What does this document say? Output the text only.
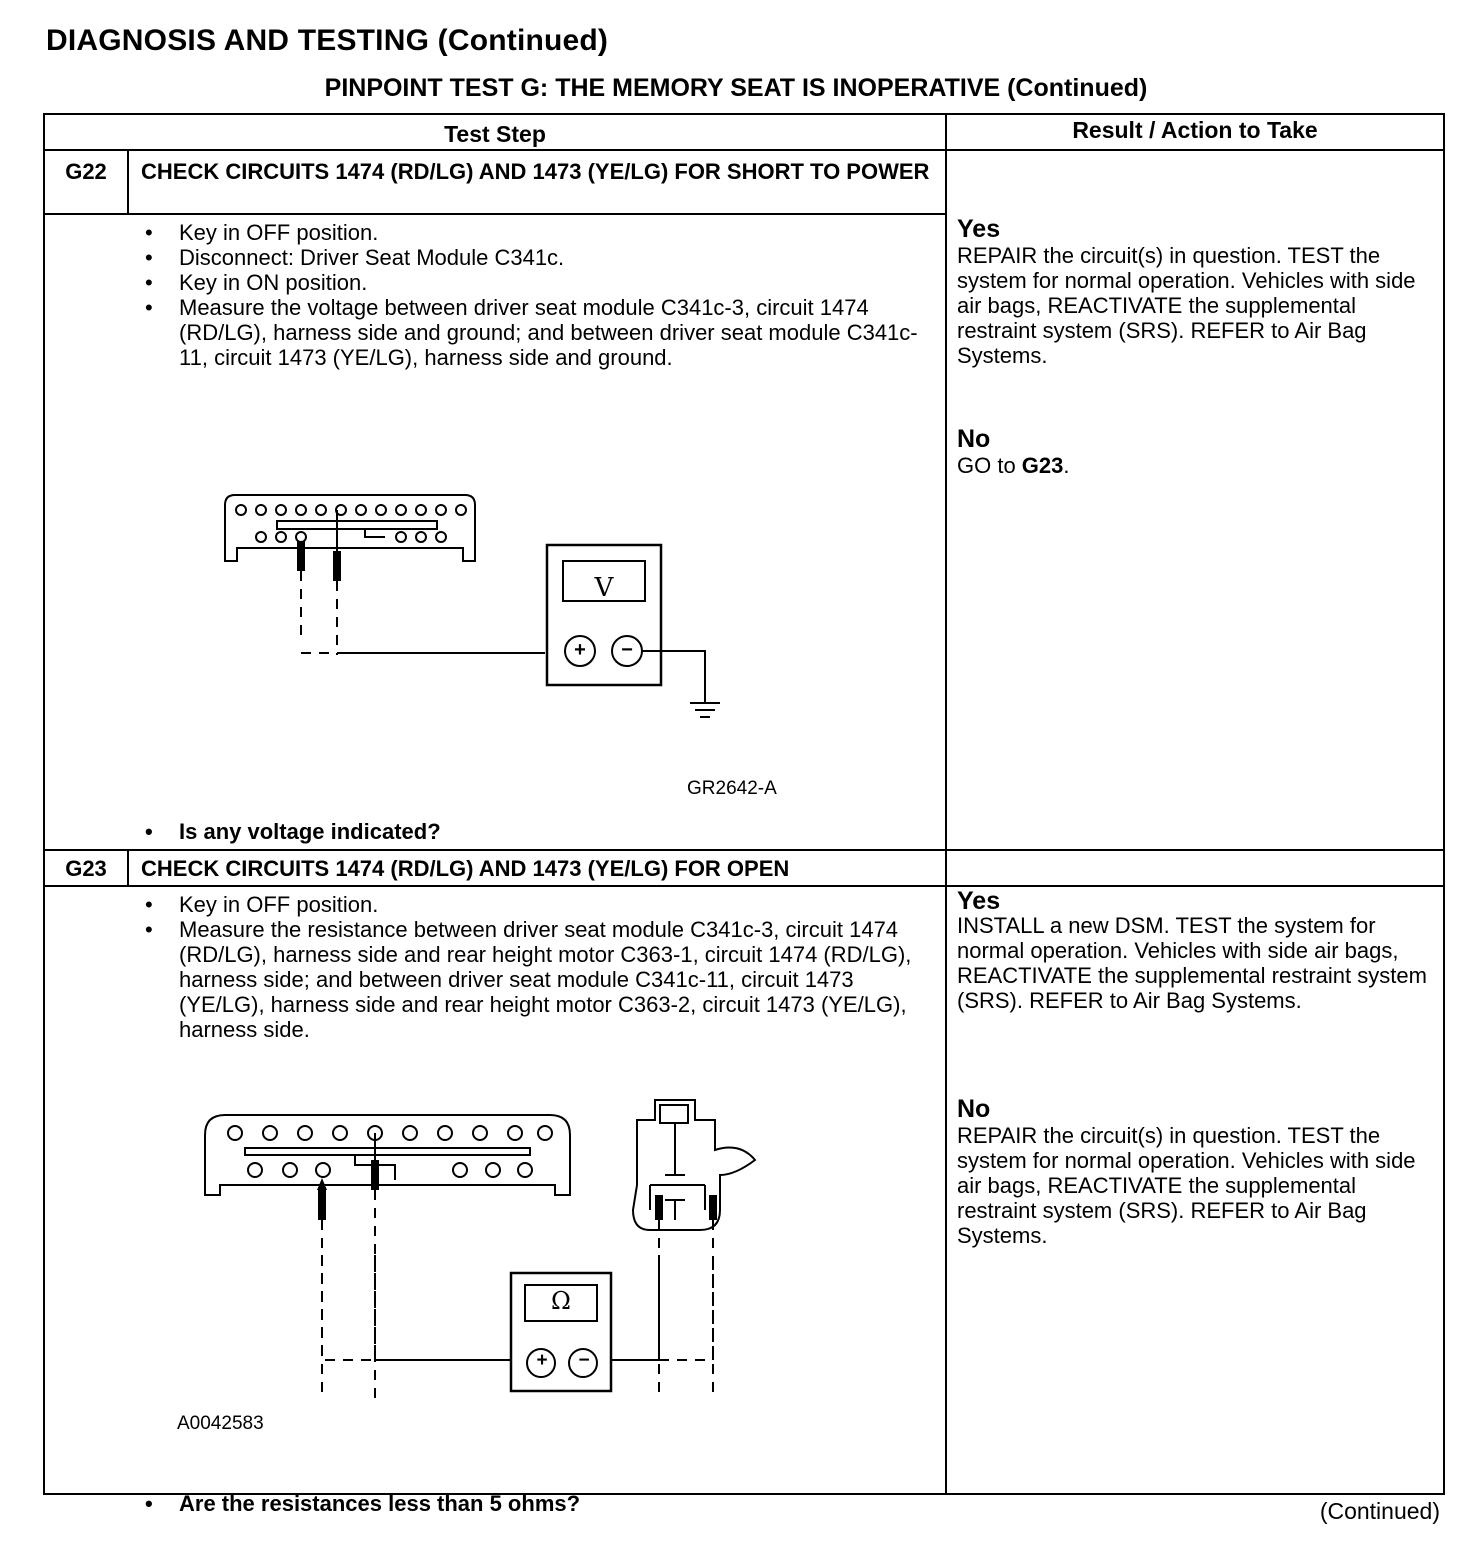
DIAGNOSIS AND TESTING (Continued)
PINPOINT TEST G: THE MEMORY SEAT IS INOPERATIVE (Continued)
Test Step	Result / Action to Take
G22	CHECK CIRCUITS 1474 (RD/LG) AND 1473 (YE/LG) FOR SHORT TO POWER
• Key in OFF position.
• Disconnect: Driver Seat Module C341c.
• Key in ON position.
• Measure the voltage between driver seat module C341c-3, circuit 1474 (RD/LG), harness side and ground; and between driver seat module C341c-11, circuit 1473 (YE/LG), harness side and ground.
V
+	−
GR2642-A
• Is any voltage indicated?
Yes
REPAIR the circuit(s) in question. TEST the system for normal operation. Vehicles with side air bags, REACTIVATE the supplemental restraint system (SRS). REFER to Air Bag Systems.
No
GO to G23.
G23	CHECK CIRCUITS 1474 (RD/LG) AND 1473 (YE/LG) FOR OPEN
• Key in OFF position.
• Measure the resistance between driver seat module C341c-3, circuit 1474 (RD/LG), harness side and rear height motor C363-1, circuit 1474 (RD/LG), harness side; and between driver seat module C341c-11, circuit 1473 (YE/LG), harness side and rear height motor C363-2, circuit 1473 (YE/LG), harness side.
Ω
+	−
A0042583
• Are the resistances less than 5 ohms?
Yes
INSTALL a new DSM. TEST the system for normal operation. Vehicles with side air bags, REACTIVATE the supplemental restraint system (SRS). REFER to Air Bag Systems.
No
REPAIR the circuit(s) in question. TEST the system for normal operation. Vehicles with side air bags, REACTIVATE the supplemental restraint system (SRS). REFER to Air Bag Systems.
(Continued)
